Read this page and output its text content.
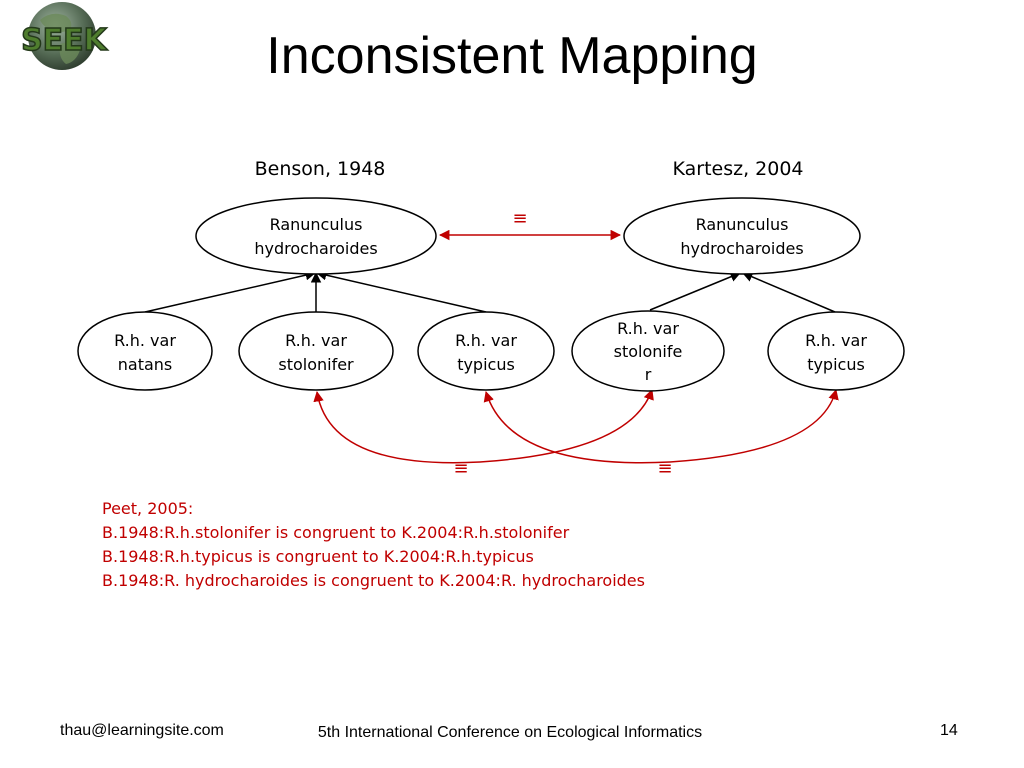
SEEK	Inconsistent Mapping
Benson, 1948	Kartesz, 2004
≡
≡	≡
Ranunculus hydrocharoides
Ranunculus hydrocharoides
R.h. var natans
R.h. var stolonifer
R.h. var typicus
R.h. var stolonife r
R.h. var typicus
Peet, 2005:
B.1948:R.h.stolonifer is congruent to K.2004:R.h.stolonifer
B.1948:R.h.typicus is congruent to K.2004:R.h.typicus
B.1948:R. hydrocharoides is congruent to K.2004:R. hydrocharoides
thau@learningsite.com	5th International Conference on Ecological Informatics	14
